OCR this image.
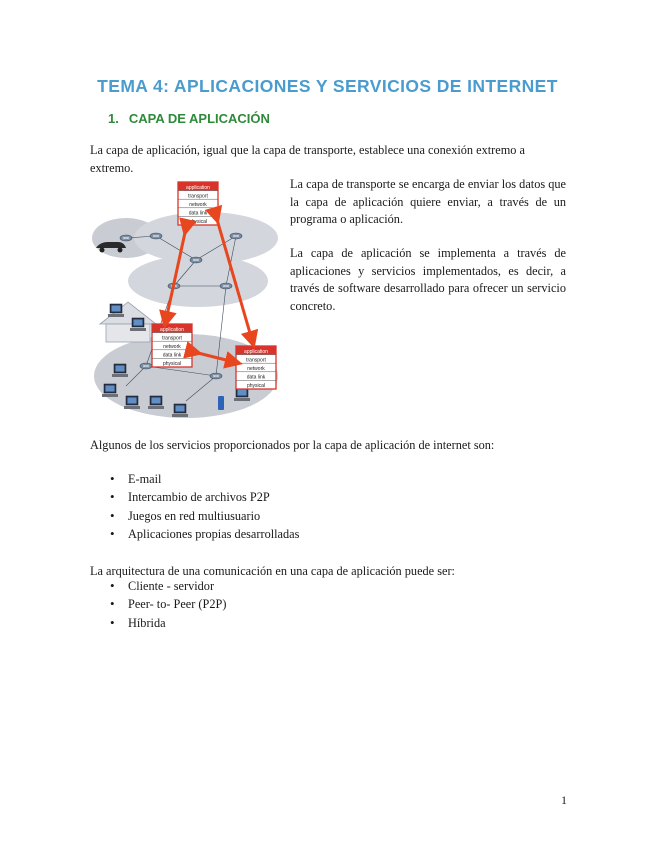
TEMA 4: APLICACIONES Y SERVICIOS DE INTERNET
1. CAPA DE APLICACIÓN

La capa de aplicación, igual que la capa de transporte, establece una conexión extremo a extremo.

La capa de transporte se encarga de enviar los datos que la capa de aplicación quiere enviar, a través de un programa o aplicación.

La capa de aplicación se implementa a través de aplicaciones y servicios implementados, es decir, a través de software desarrollado para ofrecer un servicio concreto.

application
transport
network
data link
physical
application
transport
network
data link
physical
application
transport
network
data link
physical

Algunos de los servicios proporcionados por la capa de aplicación de internet son:

• E-mail
• Intercambio de archivos P2P
• Juegos en red multiusuario
• Aplicaciones propias desarrolladas

La arquitectura de una comunicación en una capa de aplicación puede ser:

• Cliente - servidor
• Peer- to- Peer (P2P)
• Híbrida
1
